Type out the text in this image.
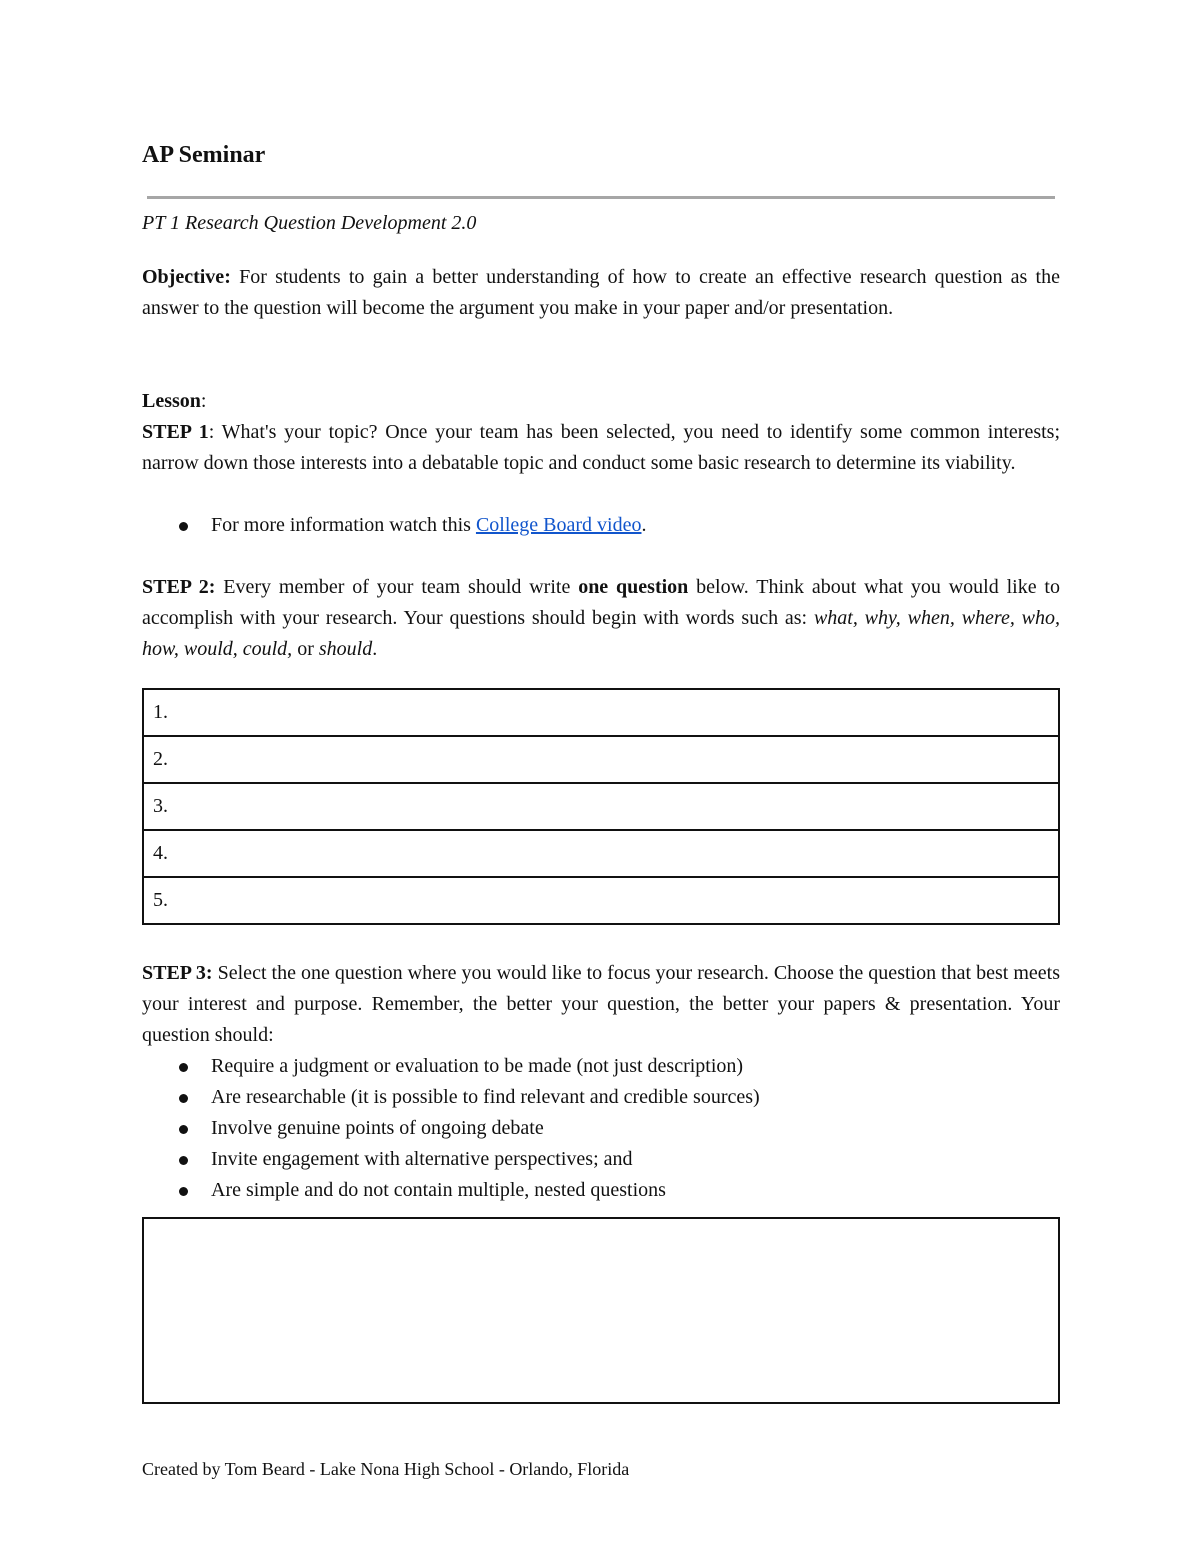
AP Seminar
PT 1 Research Question Development 2.0

Objective: For students to gain a better understanding of how to create an effective research question as the answer to the question will become the argument you make in your paper and/or presentation.

Lesson:

STEP 1: What's your topic? Once your team has been selected, you need to identify some common interests; narrow down those interests into a debatable topic and conduct some basic research to determine its viability.

For more information watch this College Board video.

STEP 2: Every member of your team should write one question below. Think about what you would like to accomplish with your research. Your questions should begin with words such as: what, why, when, where, who, how, would, could, or should.

1.
2.
3.
4.
5.

STEP 3: Select the one question where you would like to focus your research. Choose the question that best meets your interest and purpose. Remember, the better your question, the better your papers & presentation. Your question should:

Require a judgment or evaluation to be made (not just description)
Are researchable (it is possible to find relevant and credible sources)
Involve genuine points of ongoing debate
Invite engagement with alternative perspectives; and
Are simple and do not contain multiple, nested questions
Created by Tom Beard - Lake Nona High School - Orlando, Florida
